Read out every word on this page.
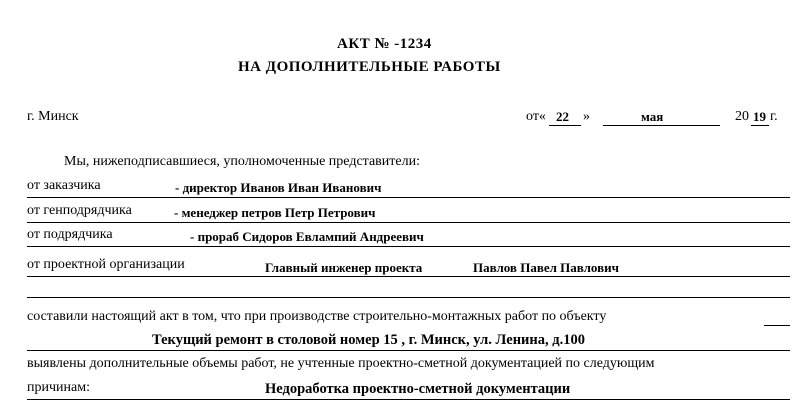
АКТ № -1234
НА ДОПОЛНИТЕЛЬНЫЕ РАБОТЫ
г. Минск	от« 22 »	мая	20 19 г.
Мы, нижеподписавшиеся, уполномоченные представители:
от заказчика	- директор Иванов Иван Иванович
от генподрядчика	- менеджер петров Петр Петрович
от подрядчика	- прораб Сидоров Евлампий Андреевич
от проектной организации	Главный инженер проекта	Павлов Павел Павлович
составили настоящий акт в том, что при производстве строительно-монтажных работ по объекту
Текущий ремонт в столовой номер 15 , г. Минск, ул. Ленина, д.100
выявлены дополнительные объемы работ, не учтенные проектно-сметной документацией по следующим
причинам:	Недоработка проектно-сметной документации
